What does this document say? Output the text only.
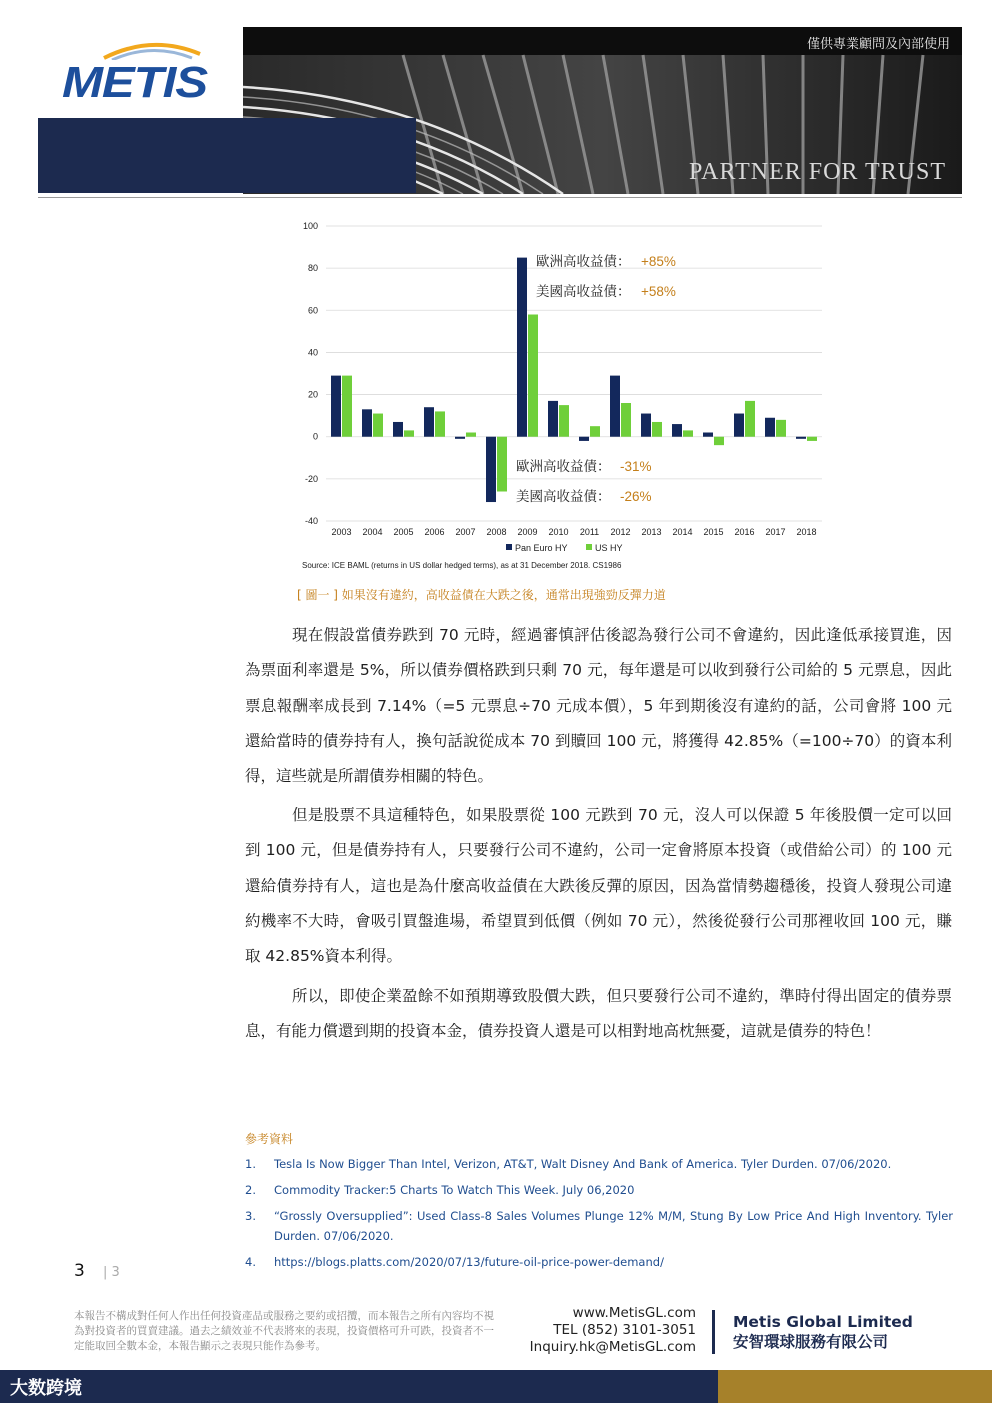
METIS
僅供專業顧問及內部使用
PARTNER FOR TRUST
100
80
60
40
20
0
-20
-40
2003 2004 2005 2006 2007 2008 2009 2010 2011 2012 2013 2014 2015 2016 2017 2018
歐洲高收益債： +85%
美國高收益債： +58%
歐洲高收益債： -31%
美國高收益債： -26%
Pan Euro HY	US HY
Source: ICE BAML (returns in US dollar hedged terms), as at 31 December 2018. CS1986
[ 圖一 ] 如果沒有違約，高收益債在大跌之後，通常出現強勁反彈力道
現在假設當債券跌到 70 元時，經過審慎評估後認為發行公司不會違約，因此逢低承接買進，因為票面利率還是 5%，所以債券價格跌到只剩 70 元，每年還是可以收到發行公司給的 5 元票息，因此票息報酬率成長到 7.14%（=5 元票息÷70 元成本價），5 年到期後沒有違約的話，公司會將 100 元還給當時的債券持有人，換句話說從成本 70 到贖回 100 元，將獲得 42.85%（=100÷70）的資本利得，這些就是所謂債券相關的特色。
但是股票不具這種特色，如果股票從 100 元跌到 70 元，沒人可以保證 5 年後股價一定可以回到 100 元，但是債券持有人，只要發行公司不違約，公司一定會將原本投資（或借給公司）的 100 元還給債券持有人，這也是為什麼高收益債在大跌後反彈的原因，因為當情勢趨穩後，投資人發現公司違約機率不大時，會吸引買盤進場，希望買到低價（例如 70 元），然後從發行公司那裡收回 100 元，賺取 42.85%資本利得。
所以，即使企業盈餘不如預期導致股價大跌，但只要發行公司不違約，準時付得出固定的債券票息，有能力償還到期的投資本金，債券投資人還是可以相對地高枕無憂，這就是債券的特色！
參考資料
1.	Tesla Is Now Bigger Than Intel, Verizon, AT&T, Walt Disney And Bank of America. Tyler Durden. 07/06/2020.
2.	Commodity Tracker:5 Charts To Watch This Week. July 06,2020
3.	“Grossly Oversupplied”: Used Class-8 Sales Volumes Plunge 12% M/M, Stung By Low Price And High Inventory. Tyler Durden. 07/06/2020.
4.	https://blogs.platts.com/2020/07/13/future-oil-price-power-demand/
3 | 3
本報告不構成對任何人作出任何投資產品或服務之要約或招攬，而本報告之所有內容均不視為對投資者的買賣建議。過去之績效並不代表將來的表現，投資價格可升可跌，投資者不一定能取回全數本金，本報告顯示之表現只能作為參考。
www.MetisGL.com
TEL (852) 3101-3051
Inquiry.hk@MetisGL.com
Metis Global Limited
安智環球服務有限公司
大数跨境
